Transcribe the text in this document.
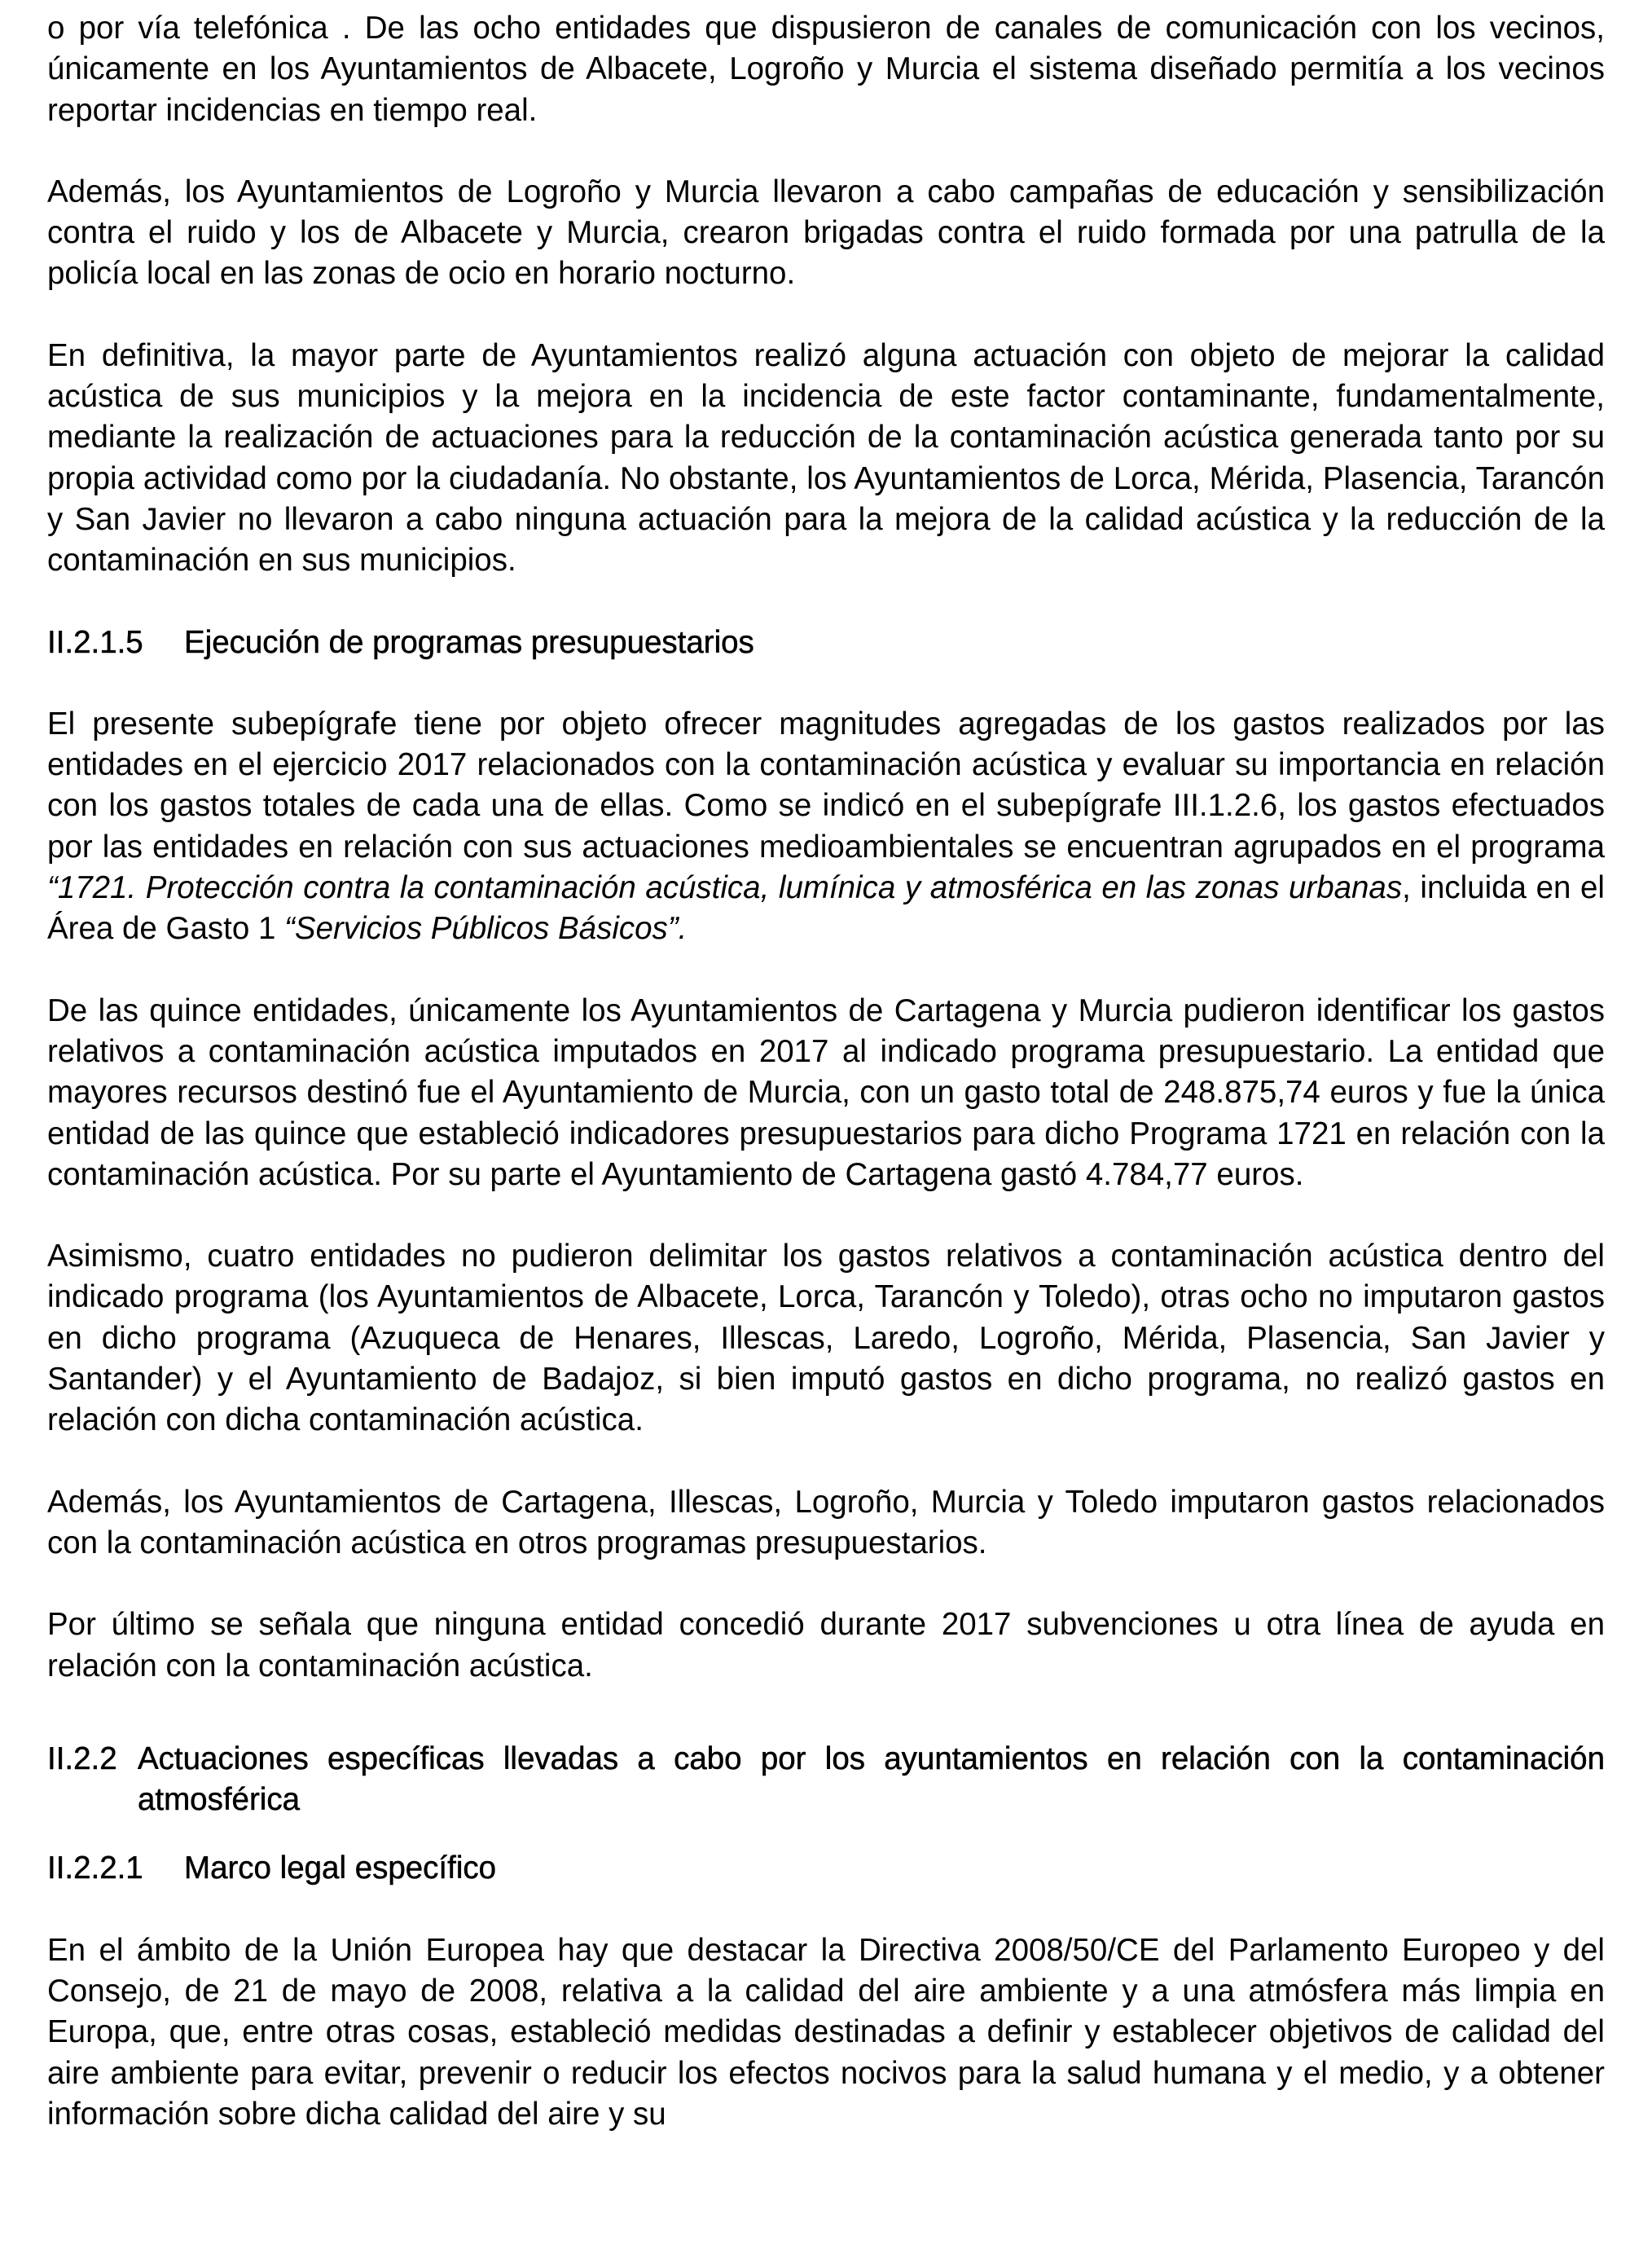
o por vía telefónica . De las ocho entidades que dispusieron de canales de comunicación con los vecinos, únicamente en los Ayuntamientos de Albacete, Logroño y Murcia el sistema diseñado permitía a los vecinos reportar incidencias en tiempo real.

Además, los Ayuntamientos de Logroño y Murcia llevaron a cabo campañas de educación y sensibilización contra el ruido y los de Albacete y Murcia, crearon brigadas contra el ruido formada por una patrulla de la policía local en las zonas de ocio en horario nocturno.

En definitiva, la mayor parte de Ayuntamientos realizó alguna actuación con objeto de mejorar la calidad acústica de sus municipios y la mejora en la incidencia de este factor contaminante, fundamentalmente, mediante la realización de actuaciones para la reducción de la contaminación acústica generada tanto por su propia actividad como por la ciudadanía. No obstante, los Ayuntamientos de Lorca, Mérida, Plasencia, Tarancón y San Javier no llevaron a cabo ninguna actuación para la mejora de la calidad acústica y la reducción de la contaminación en sus municipios.

II.2.1.5 Ejecución de programas presupuestarios

El presente subepígrafe tiene por objeto ofrecer magnitudes agregadas de los gastos realizados por las entidades en el ejercicio 2017 relacionados con la contaminación acústica y evaluar su importancia en relación con los gastos totales de cada una de ellas. Como se indicó en el subepígrafe III.1.2.6, los gastos efectuados por las entidades en relación con sus actuaciones medioambientales se encuentran agrupados en el programa “1721. Protección contra la contaminación acústica, lumínica y atmosférica en las zonas urbanas, incluida en el Área de Gasto 1 “Servicios Públicos Básicos”.

De las quince entidades, únicamente los Ayuntamientos de Cartagena y Murcia pudieron identificar los gastos relativos a contaminación acústica imputados en 2017 al indicado programa presupuestario. La entidad que mayores recursos destinó fue el Ayuntamiento de Murcia, con un gasto total de 248.875,74 euros y fue la única entidad de las quince que estableció indicadores presupuestarios para dicho Programa 1721 en relación con la contaminación acústica. Por su parte el Ayuntamiento de Cartagena gastó 4.784,77 euros.

Asimismo, cuatro entidades no pudieron delimitar los gastos relativos a contaminación acústica dentro del indicado programa (los Ayuntamientos de Albacete, Lorca, Tarancón y Toledo), otras ocho no imputaron gastos en dicho programa (Azuqueca de Henares, Illescas, Laredo, Logroño, Mérida, Plasencia, San Javier y Santander) y el Ayuntamiento de Badajoz, si bien imputó gastos en dicho programa, no realizó gastos en relación con dicha contaminación acústica.

Además, los Ayuntamientos de Cartagena, Illescas, Logroño, Murcia y Toledo imputaron gastos relacionados con la contaminación acústica en otros programas presupuestarios.

Por último se señala que ninguna entidad concedió durante 2017 subvenciones u otra línea de ayuda en relación con la contaminación acústica.

II.2.2 Actuaciones específicas llevadas a cabo por los ayuntamientos en relación con la contaminación atmosférica

II.2.2.1 Marco legal específico

En el ámbito de la Unión Europea hay que destacar la Directiva 2008/50/CE del Parlamento Europeo y del Consejo, de 21 de mayo de 2008, relativa a la calidad del aire ambiente y a una atmósfera más limpia en Europa, que, entre otras cosas, estableció medidas destinadas a definir y establecer objetivos de calidad del aire ambiente para evitar, prevenir o reducir los efectos nocivos para la salud humana y el medio, y a obtener información sobre dicha calidad del aire y su
